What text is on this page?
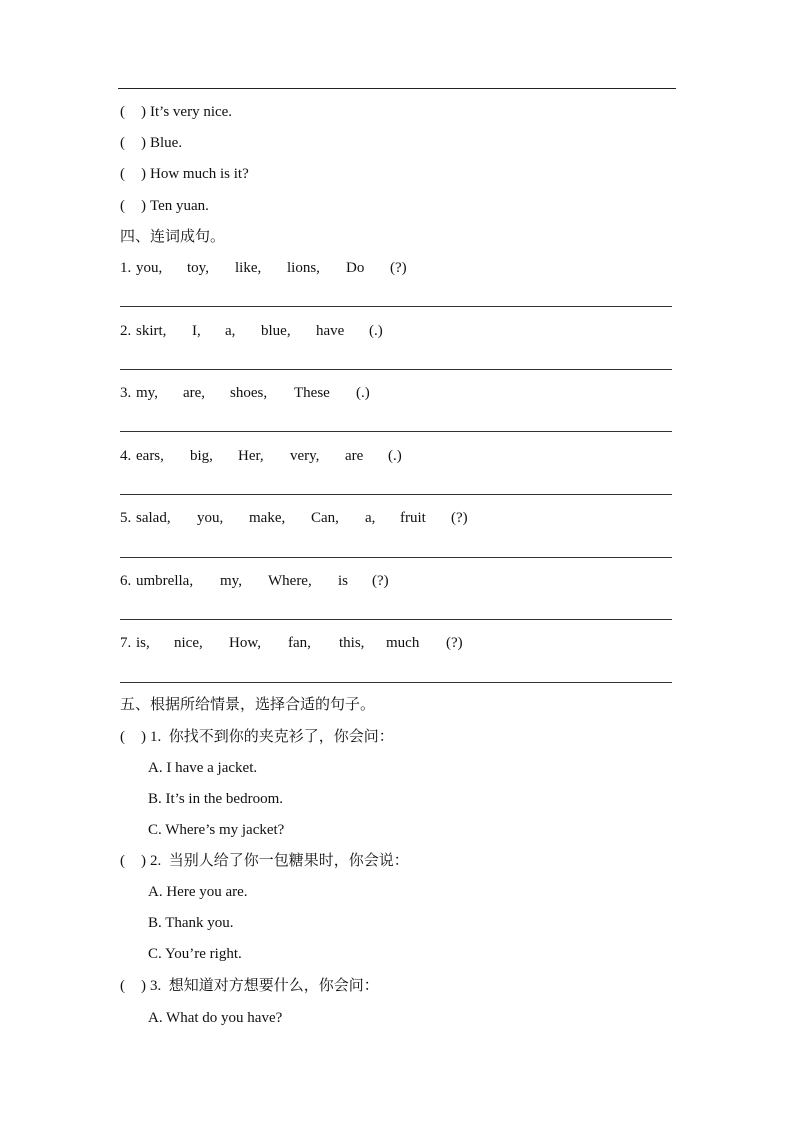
( ) It’s very nice.
( ) Blue.
( ) How much is it?
( ) Ten yuan.
四、连词成句。
1. you, toy, like, lions, Do (?)
2. skirt, I, a, blue, have (.)
3. my, are, shoes, These (.)
4. ears, big, Her, very, are (.)
5. salad, you, make, Can, a, fruit (?)
6. umbrella, my, Where, is (?)
7. is, nice, How, fan, this, much (?)
五、根据所给情景，选择合适的句子。
( ) 1. 你找不到你的夹克衫了，你会问：
A. I have a jacket.
B. It’s in the bedroom.
C. Where’s my jacket?
( ) 2. 当别人给了你一包糖果时，你会说：
A. Here you are.
B. Thank you.
C. You’re right.
( ) 3. 想知道对方想要什么，你会问：
A. What do you have?
